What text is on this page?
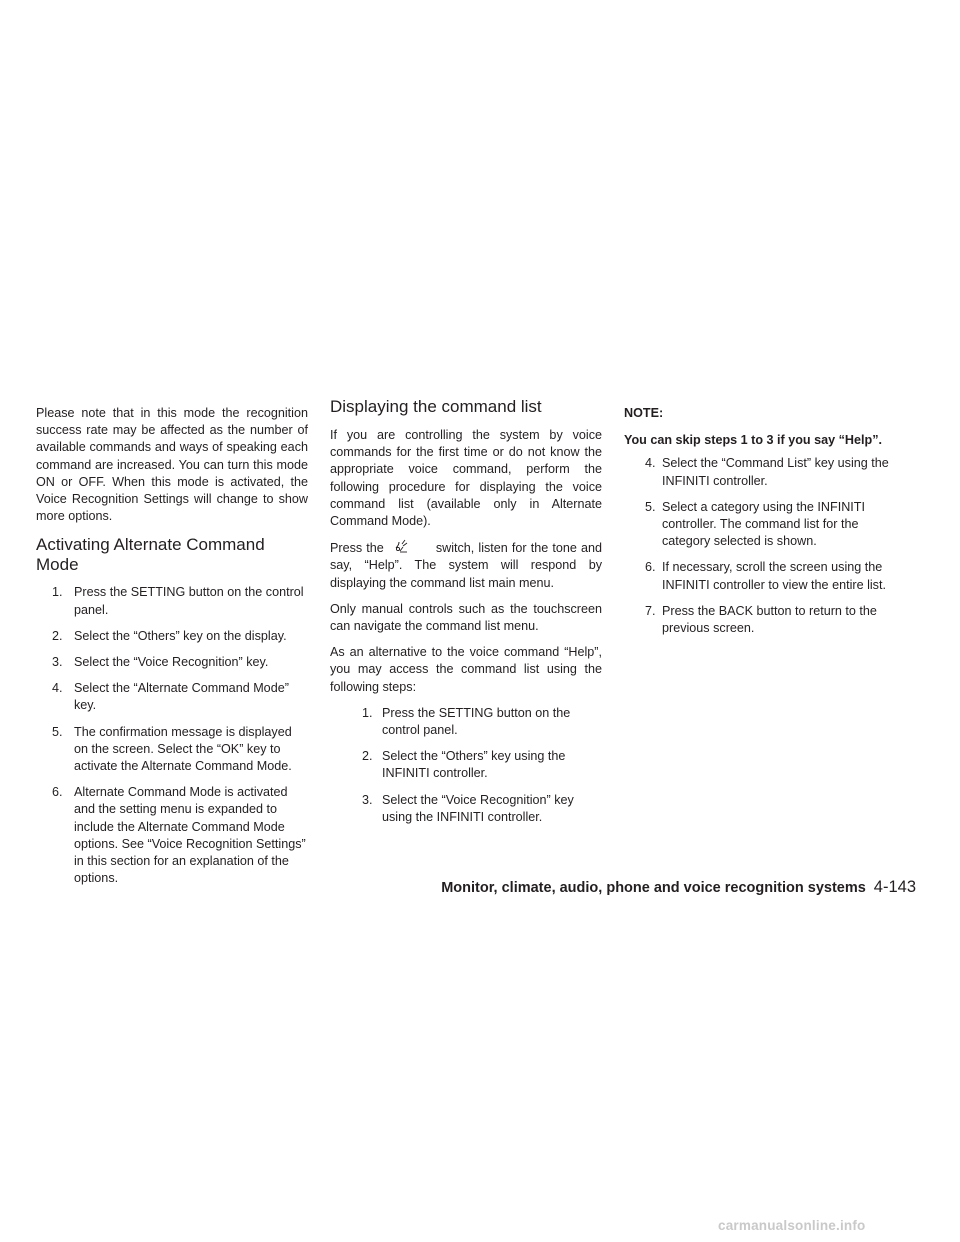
Please note that in this mode the recognition success rate may be affected as the number of available commands and ways of speaking each command are increased. You can turn this mode ON or OFF. When this mode is activated, the Voice Recognition Settings will change to show more options.

Activating Alternate Command Mode
1. Press the SETTING button on the control panel.
2. Select the “Others” key on the display.
3. Select the “Voice Recognition” key.
4. Select the “Alternate Command Mode” key.
5. The confirmation message is displayed on the screen. Select the “OK” key to activate the Alternate Command Mode.
6. Alternate Command Mode is activated and the setting menu is expanded to include the Alternate Command Mode options. See “Voice Recognition Settings” in this section for an explanation of the options.
Displaying the command list

If you are controlling the system by voice commands for the first time or do not know the appropriate voice command, perform the following procedure for displaying the voice command list (available only in Alternate Command Mode).

Press the	switch, listen for the tone and say, “Help”. The system will respond by displaying the command list main menu.

Only manual controls such as the touchscreen can navigate the command list menu.

As an alternative to the voice command “Help”, you may access the command list using the following steps:

1. Press the SETTING button on the control panel.
2. Select the “Others” key using the INFINITI controller.
3. Select the “Voice Recognition” key using the INFINITI controller.
NOTE:
You can skip steps 1 to 3 if you say “Help”.
4. Select the “Command List” key using the INFINITI controller.
5. Select a category using the INFINITI controller. The command list for the category selected is shown.
6. If necessary, scroll the screen using the INFINITI controller to view the entire list.
7. Press the BACK button to return to the previous screen.
Monitor, climate, audio, phone and voice recognition systems 4-143
carmanualsonline.info
